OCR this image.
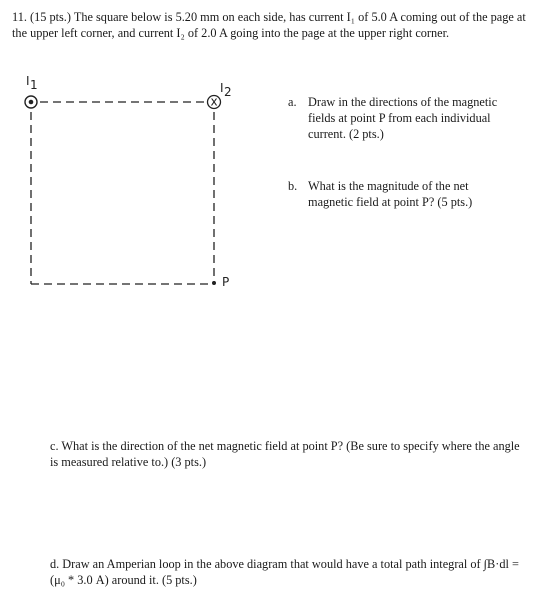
11. (15 pts.) The square below is 5.20 mm on each side, has current I₁ of 5.0 A coming out of the page at the upper left corner, and current I₂ of 2.0 A going into the page at the upper right corner.
x
I 1	I 2
P
a. Draw in the directions of the magnetic fields at point P from each individual current. (2 pts.)
b. What is the magnitude of the net magnetic field at point P? (5 pts.)
c. What is the direction of the net magnetic field at point P? (Be sure to specify where the angle is measured relative to.) (3 pts.)
d. Draw an Amperian loop in the above diagram that would have a total path integral of ∫B·dl = (μ₀ * 3.0 A) around it. (5 pts.)
